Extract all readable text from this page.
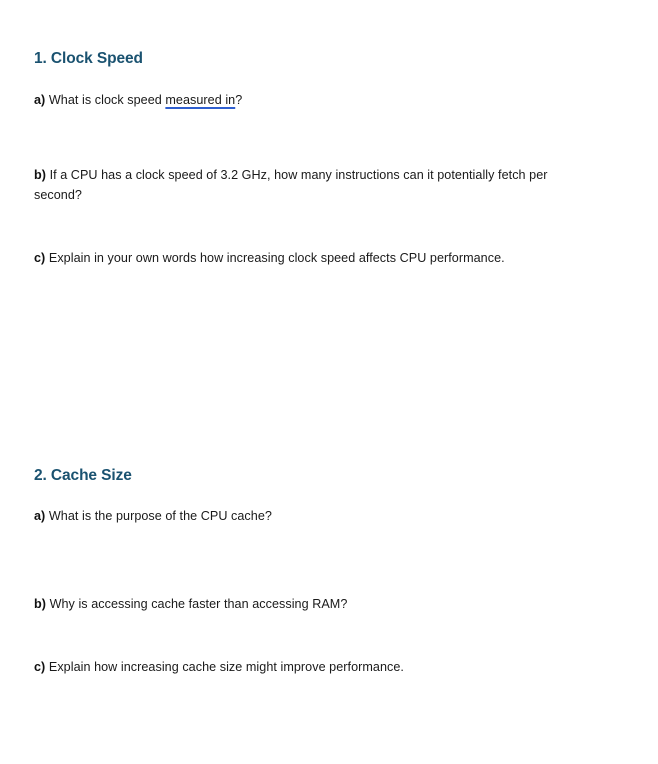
1. Clock Speed

a) What is clock speed measured in?

b) If a CPU has a clock speed of 3.2 GHz, how many instructions can it potentially fetch per second?

c) Explain in your own words how increasing clock speed affects CPU performance.

2. Cache Size

a) What is the purpose of the CPU cache?

b) Why is accessing cache faster than accessing RAM?

c) Explain how increasing cache size might improve performance.
